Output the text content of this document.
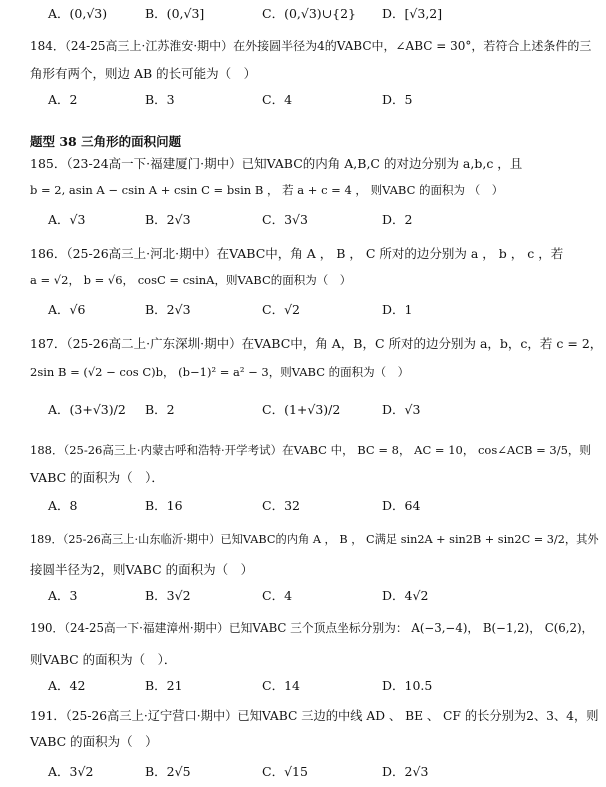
A．(0,√3)	B．(0,√3]	C．(0,√3)∪{2} D．[√3,2]
184．（24-25高三上·江苏淮安·期中）在外接圆半径为4的VABC中，∠ABC = 30°，若符合上述条件的三
角形有两个，则边 AB 的长可能为（　）
A．2	B．3	C．4	D．5
题型 38 三角形的面积问题
185．（23-24高一下·福建厦门·期中）已知VABC的内角 A,B,C 的对边分别为 a,b,c ，且
b = 2, asin A − csin A + csin C = bsin B ， 若 a + c = 4 ， 则VABC 的面积为 （　）
A．√3	B．2√3	C．3√3	D．2
186．（25-26高三上·河北·期中）在VABC中，角 A ， B ， C 所对的边分别为 a ， b ， c ，若
a = √2， b = √6， cosC = csinA，则VABC的面积为（　）
A．√6	B．2√3	C．√2	D．1
187．（25-26高二上·广东深圳·期中）在VABC中，角 A，B，C 所对的边分别为 a，b，c，若 c = 2，
2sin B = (√2 − cos C)b， (b−1)² = a² − 3，则VABC 的面积为（　）
A．(3+√3)/2 B．2	C．(1+√3)/2	D．√3
188．（25-26高三上·内蒙古呼和浩特·开学考试）在VABC 中， BC = 8， AC = 10， cos∠ACB = 3/5，则
VABC 的面积为（　）．
A．8	B．16	C．32	D．64
189．（25-26高三上·山东临沂·期中）已知VABC的内角 A ， B ， C满足 sin2A + sin2B + sin2C = 3/2，其外
接圆半径为2，则VABC 的面积为（　）
A．3	B．3√2	C．4	D．4√2
190．（24-25高一下·福建漳州·期中）已知VABC 三个顶点坐标分别为： A(−3,−4)， B(−1,2)， C(6,2)，
则VABC 的面积为（　）．
A．42	B．21	C．14	D．10.5
191．（25-26高三上·辽宁营口·期中）已知VABC 三边的中线 AD 、 BE 、 CF 的长分别为2、3、4，则
VABC 的面积为（　）
A．3√2	B．2√5	C．√15	D．2√3
